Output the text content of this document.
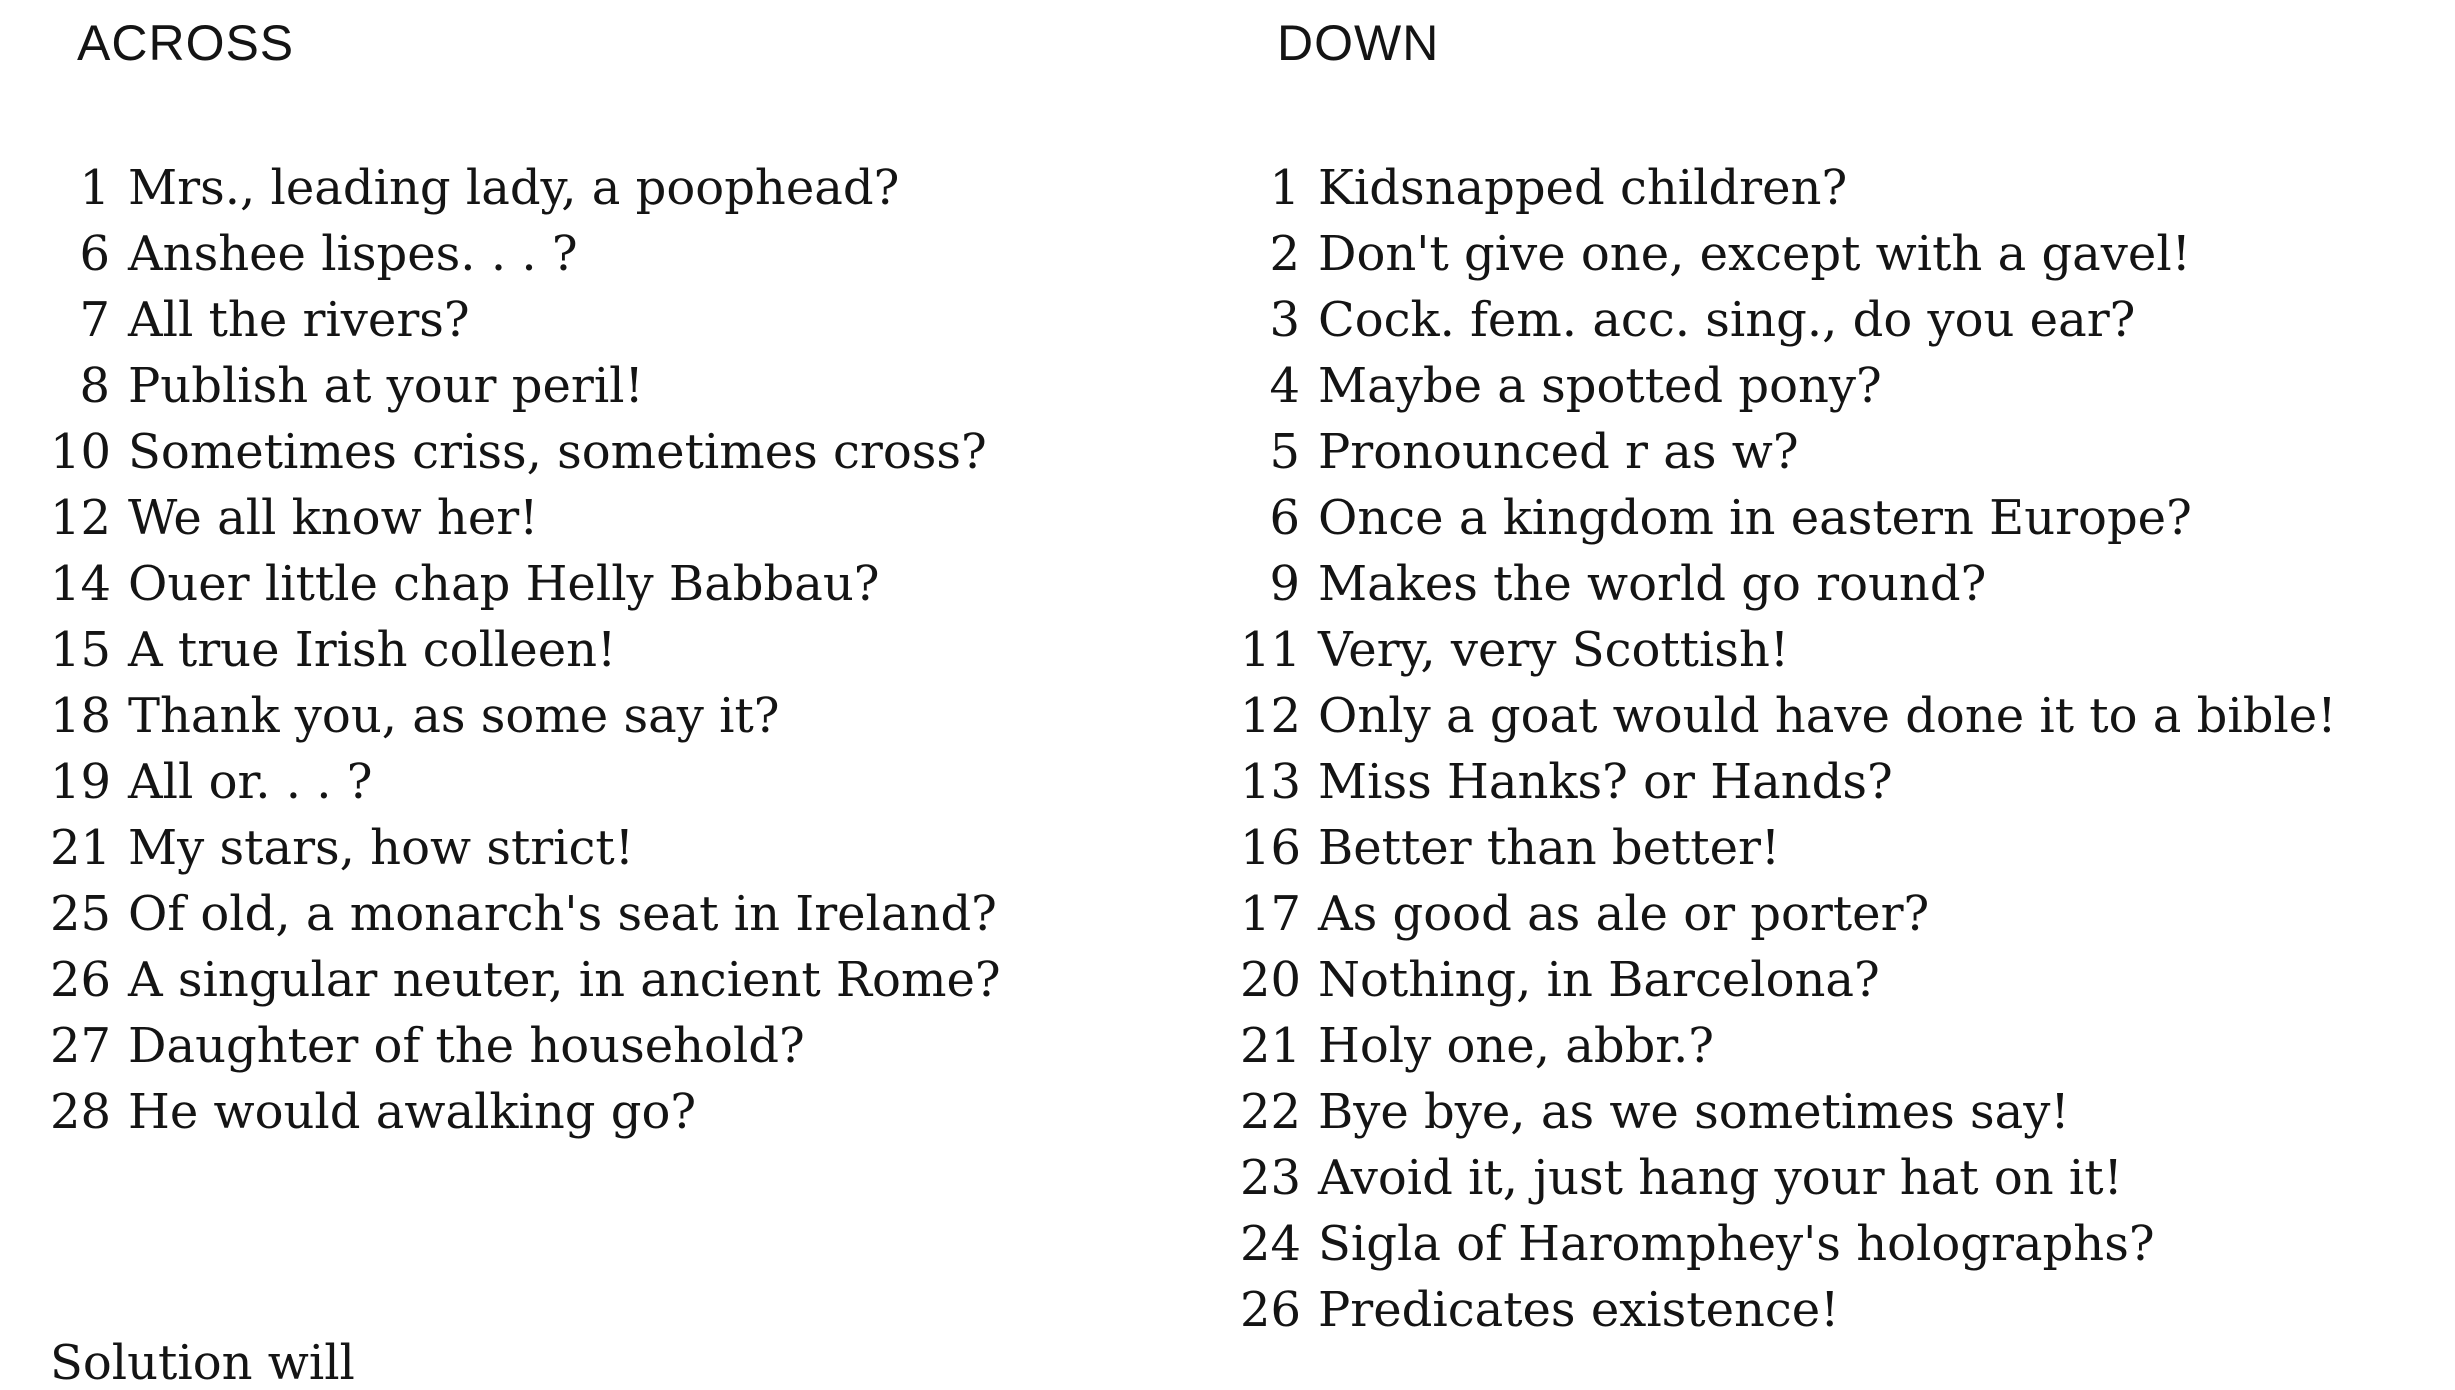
ACROSS
1 Mrs., leading lady, a poophead?
6 Anshee lispes. . . ?
7 All the rivers?
8 Publish at your peril!
10 Sometimes criss, sometimes cross?
12 We all know her!
14 Ouer little chap Helly Babbau?
15 A true Irish colleen!
18 Thank you, as some say it?
19 All or. . . ?
21 My stars, how strict!
25 Of old, a monarch's seat in Ireland?
26 A singular neuter, in ancient Rome?
27 Daughter of the household?
28 He would awalking go?
DOWN
1 Kidsnapped children?
2 Don't give one, except with a gavel!
3 Cock. fem. acc. sing., do you ear?
4 Maybe a spotted pony?
5 Pronounced r as w?
6 Once a kingdom in eastern Europe?
9 Makes the world go round?
11 Very, very Scottish!
12 Only a goat would have done it to a bible!
13 Miss Hanks? or Hands?
16 Better than better!
17 As good as ale or porter?
20 Nothing, in Barcelona?
21 Holy one, abbr.?
22 Bye bye, as we sometimes say!
23 Avoid it, just hang your hat on it!
24 Sigla of Haromphey's holographs?
26 Predicates existence!
Solution will
